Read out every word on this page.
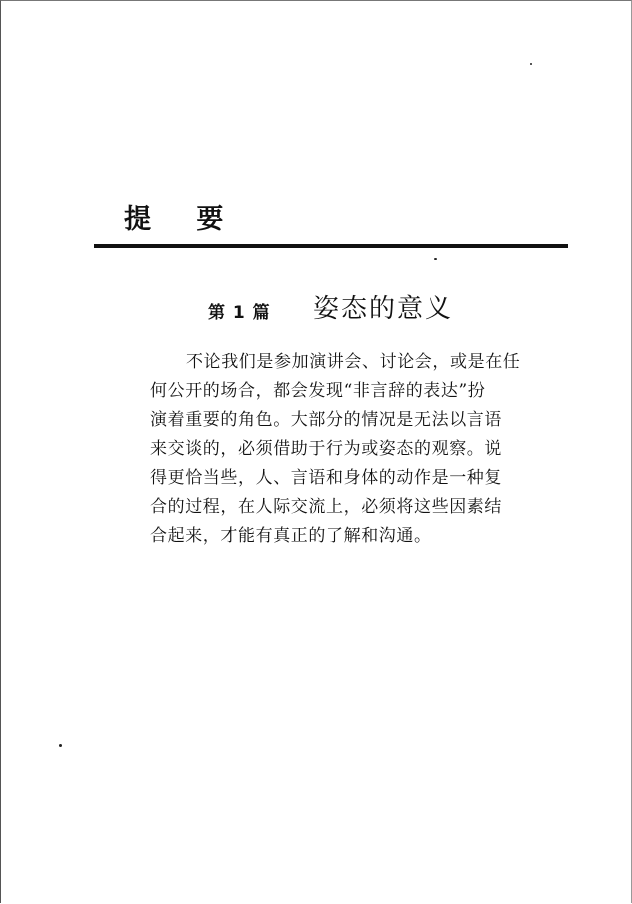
提 要
第 1 篇 姿态的意义
不论我们是参加演讲会、讨论会，或是在任
何公开的场合，都会发现“非言辞的表达”扮
演着重要的角色。大部分的情况是无法以言语
来交谈的，必须借助于行为或姿态的观察。说
得更恰当些，人、言语和身体的动作是一种复
合的过程，在人际交流上，必须将这些因素结
合起来，才能有真正的了解和沟通。
